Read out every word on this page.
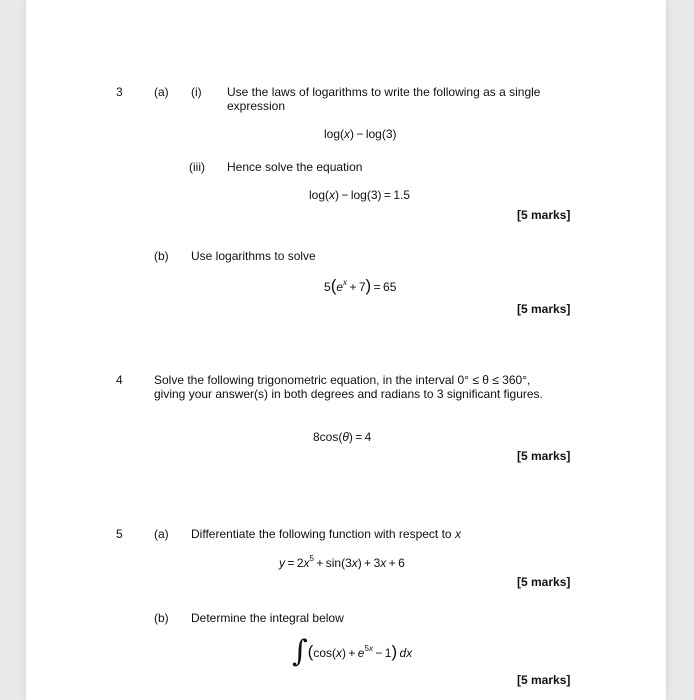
3	(a) (i) Use the laws of logarithms to write the following as a single
expression
log(x) − log(3)
(iii) Hence solve the equation
log(x) − log(3) = 1.5
[5 marks]
(b) Use logarithms to solve
$5(e^x + 7) = 65$
[5 marks]
4	Solve the following trigonometric equation, in the interval 0° ≤ θ ≤ 360°,
giving your answer(s) in both degrees and radians to 3 significant figures.
8cos(θ) = 4
[5 marks]
5	(a) Differentiate the following function with respect to x
$y = 2x^5 + \sin(3x) + 3x + 6$
[5 marks]
(b) Determine the integral below
$\int(\cos(x) + e^{5x} - 1)$  dx
[5 marks]
